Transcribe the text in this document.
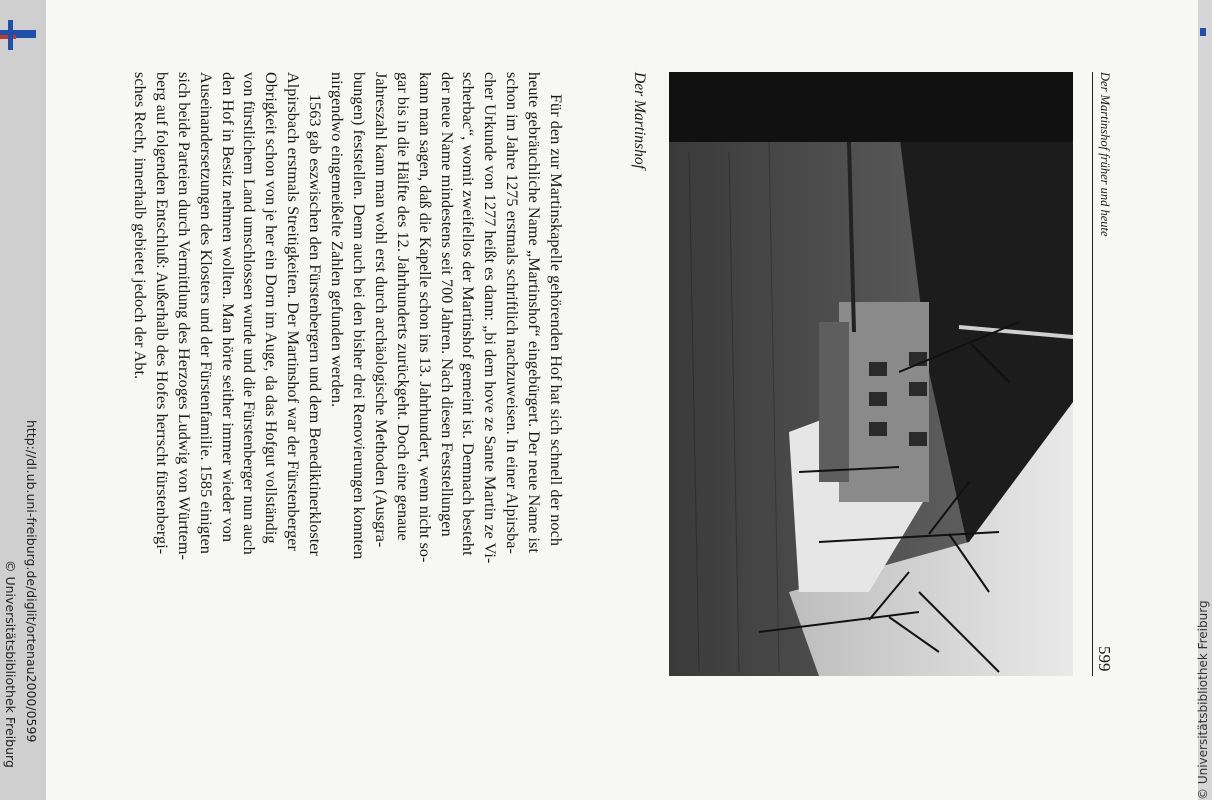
Der Martinshof früher und heute
599
Der Martinshof
Für den zur Martinskapelle gehörenden Hof hat sich schnell der noch
heute gebräuchliche Name „Martinshof“ eingebürgert. Der neue Name ist
schon im Jahre 1275 erstmals schriftlich nachzuweisen. In einer Alpirsba-
cher Urkunde von 1277 heißt es dann: „bi dem hove ze Sante Martin ze Vi-
scherbac“, womit zweifellos der Martinshof gemeint ist. Demnach besteht
der neue Name mindestens seit 700 Jahren. Nach diesen Feststellungen
kann man sagen, daß die Kapelle schon ins 13. Jahrhundert, wenn nicht so-
gar bis in die Hälfte des 12. Jahrhunderts zurückgeht. Doch eine genaue
Jahreszahl kann man wohl erst durch archäologische Methoden (Ausgra-
bungen) feststellen. Denn auch bei den bisher drei Renovierungen konnten
nirgendwo eingemeißelte Zahlen gefunden werden.
1563 gab eszwischen den Fürstenbergern und dem Benediktinerkloster
Alpirsbach erstmals Streitigkeiten. Der Martinshof war der Fürstenberger
Obrigkeit schon von je her ein Dorn im Auge, da das Hofgut vollständig
von fürstlichem Land umschlossen wurde und die Fürstenberger nun auch
den Hof in Besitz nehmen wollten. Man hörte seither immer wieder von
Auseinandersetzungen des Klosters und der Fürstenfamilie. 1585 einigten
sich beide Parteien durch Vermittlung des Herzoges Ludwig von Württem-
berg auf folgenden Entschluß: Außerhalb des Hofes herrscht fürstenbergi-
sches Recht, innerhalb gebietet jedoch der Abt.
http://dl.ub.uni-freiburg.de/diglit/ortenau2000/0599
© Universitätsbibliothek Freiburg	© Universitätsbibliothek Freiburg
